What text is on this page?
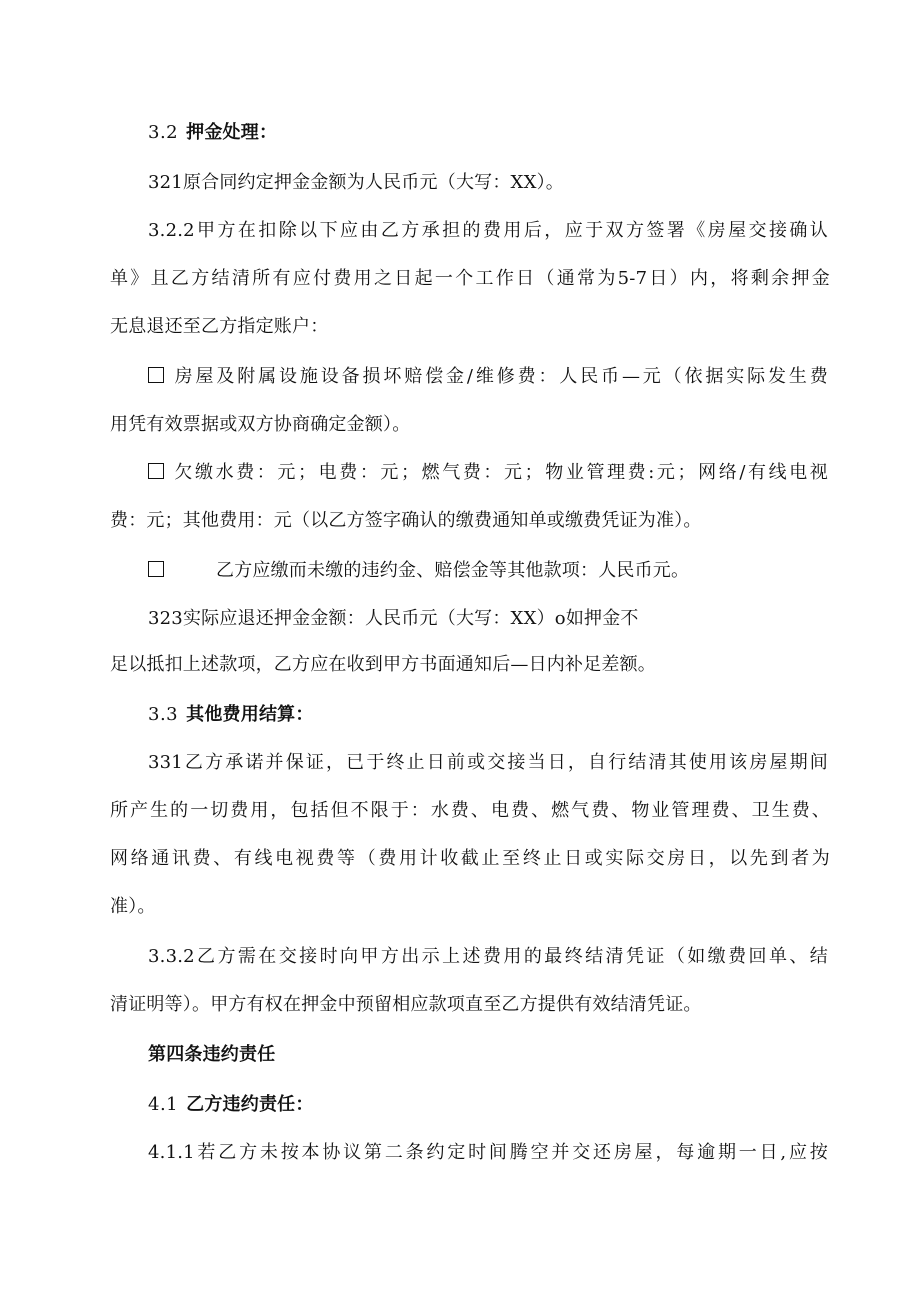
3.2 押金处理：
321原合同约定押金金额为人民币元（大写：XX）。
3.2.2甲方在扣除以下应由乙方承担的费用后，应于双方签署《房屋交接确认
单》且乙方结清所有应付费用之日起一个工作日（通常为5-7日）内，将剩余押金
无息退还至乙方指定账户：
房屋及附属设施设备损坏赔偿金/维修费：人民币—元（依据实际发生费
用凭有效票据或双方协商确定金额）。
欠缴水费：元；电费：元；燃气费：元；物业管理费:元；网络/有线电视
费：元；其他费用：元（以乙方签字确认的缴费通知单或缴费凭证为准）。
乙方应缴而未缴的违约金、赔偿金等其他款项：人民币元。
323实际应退还押金金额：人民币元（大写：XX）o如押金不
足以抵扣上述款项，乙方应在收到甲方书面通知后—日内补足差额。
3.3 其他费用结算：
331乙方承诺并保证，已于终止日前或交接当日，自行结清其使用该房屋期间
所产生的一切费用，包括但不限于：水费、电费、燃气费、物业管理费、卫生费、
网络通讯费、有线电视费等（费用计收截止至终止日或实际交房日，以先到者为
准）。
3.3.2乙方需在交接时向甲方出示上述费用的最终结清凭证（如缴费回单、结
清证明等）。甲方有权在押金中预留相应款项直至乙方提供有效结清凭证。
第四条违约责任
4.1 乙方违约责任：
4.1.1若乙方未按本协议第二条约定时间腾空并交还房屋，每逾期一日,应按
